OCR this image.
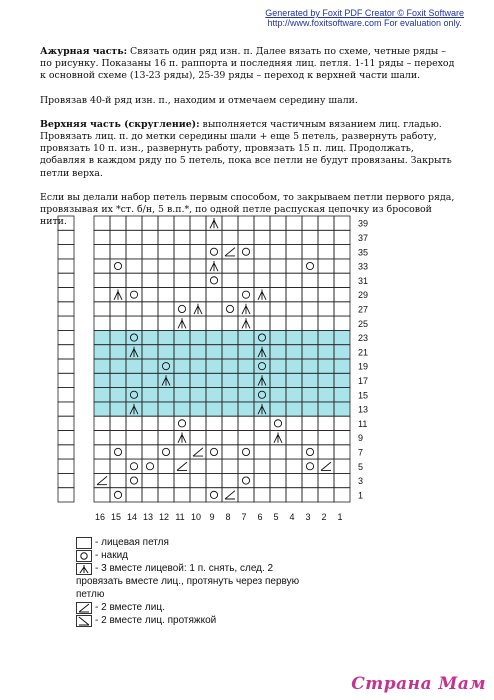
Generated by Foxit PDF Creator © Foxit Software
http://www.foxitsoftware.com For evaluation only.

Ажурная часть: Связать один ряд изн. п. Далее вязать по схеме, четные ряды – по рисунку. Показаны 16 п. раппорта и последняя лиц. петля. 1-11 ряды – переход к основной схеме (13-23 ряды), 25-39 ряды – переход к верхней части шали.

Провязав 40-й ряд изн. п., находим и отмечаем середину шали.

Верхняя часть (скругление): выполняется частичным вязанием лиц. гладью. Провязать лиц. п. до метки середины шали + еще 5 петель, развернуть работу, провязать 10 п. изн., развернуть работу, провязать 15 п. лиц. Продолжать, добавляя в каждом ряду по 5 петель, пока все петли не будут провязаны. Закрыть петли верха.

Если вы делали набор петель первым способом, то закрываем петли первого ряда, провязывая их *ст. б/н, 5 в.п.*, по одной петле распуская цепочку из бросовой нити.	39
37
35
33
31
29
27
25
23
21
19
17
15
13
11
9
7
5
3
1
16 15 14 13 12 11 10 9 8 7 6 5 4 3 2 1
- лицевая петля
- накид
- 3 вместе лицевой: 1 п. снять, след. 2
провязать вместе лиц., протянуть через первую
петлю
- 2 вместе лиц.
- 2 вместе лиц. протяжкой
Страна Мам
